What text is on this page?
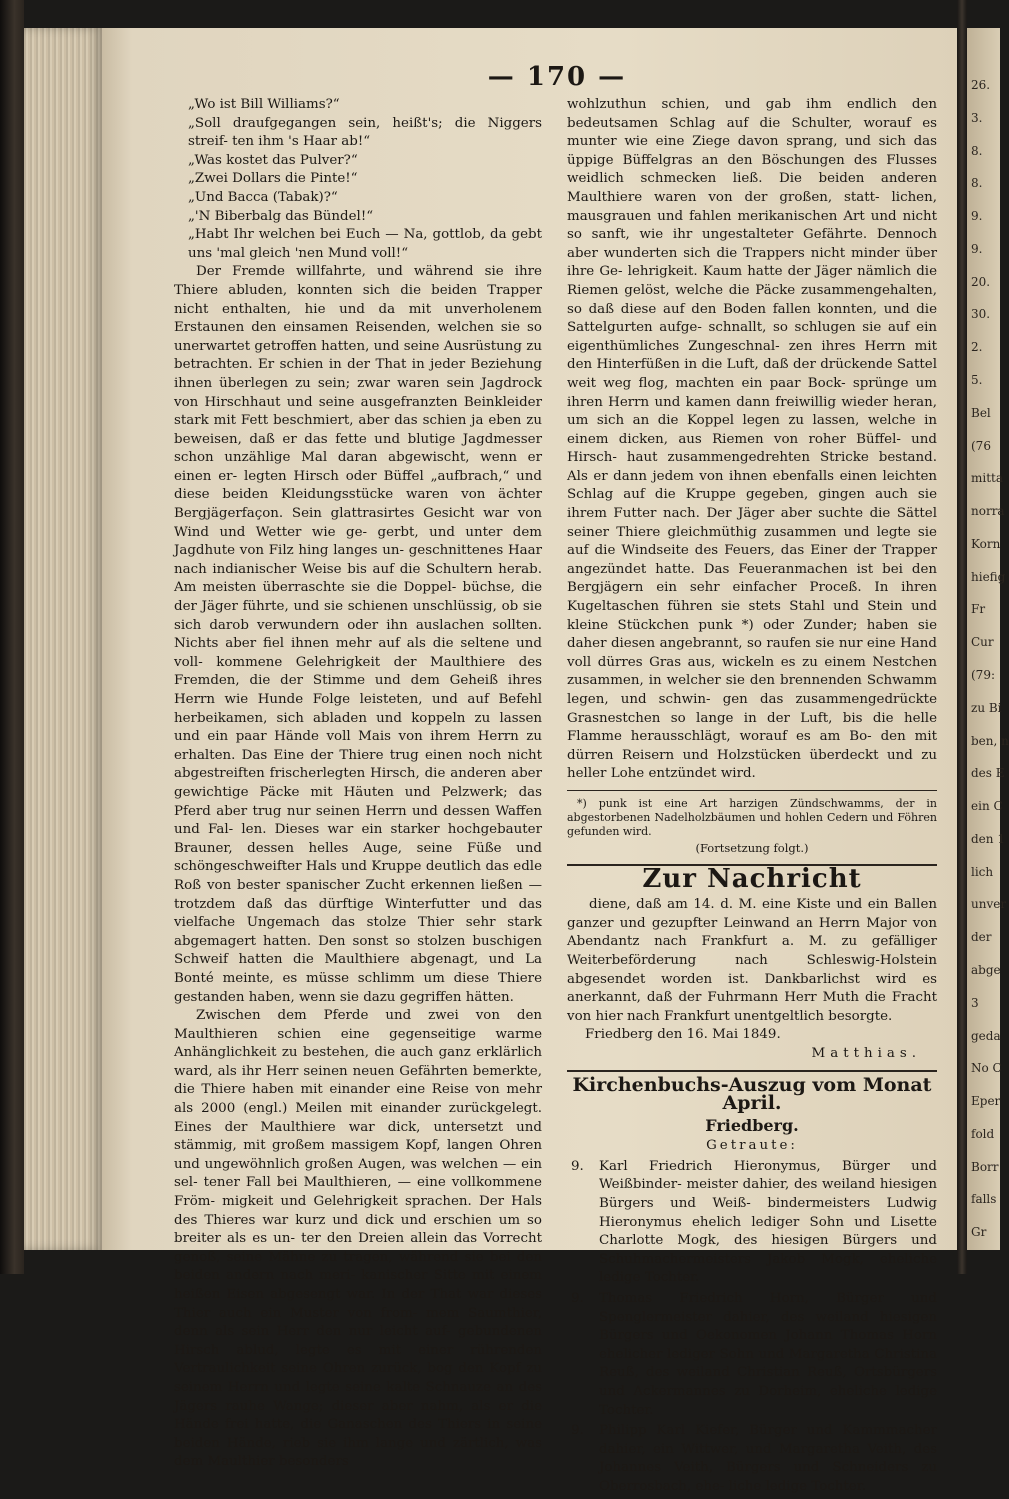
— 170 —

„Wo ist Bill Williams?“

„Soll draufgegangen sein, heißt's; die Niggers streif- ten ihm 's Haar ab!“

„Was kostet das Pulver?“

„Zwei Dollars die Pinte!“

„Und Bacca (Tabak)?“

„'N Biberbalg das Bündel!“

„Habt Ihr welchen bei Euch — Na, gottlob, da gebt uns 'mal gleich 'nen Mund voll!“

Der Fremde willfahrte, und während sie ihre Thiere abluden, konnten sich die beiden Trapper nicht enthalten, hie und da mit unverholenem Erstaunen den einsamen Reisenden, welchen sie so unerwartet getroffen hatten, und seine Ausrüstung zu betrachten. Er schien in der That in jeder Beziehung ihnen überlegen zu sein; zwar waren sein Jagdrock von Hirschhaut und seine ausgefranzten Beinkleider stark mit Fett beschmiert, aber das schien ja eben zu beweisen, daß er das fette und blutige Jagdmesser schon unzählige Mal daran abgewischt, wenn er einen er- legten Hirsch oder Büffel „aufbrach,“ und diese beiden Kleidungsstücke waren von ächter Bergjägerfaçon. Sein glattrasirtes Gesicht war von Wind und Wetter wie ge- gerbt, und unter dem Jagdhute von Filz hing langes un- geschnittenes Haar nach indianischer Weise bis auf die Schultern herab. Am meisten überraschte sie die Doppel- büchse, die der Jäger führte, und sie schienen unschlüssig, ob sie sich darob verwundern oder ihn auslachen sollten. Nichts aber fiel ihnen mehr auf als die seltene und voll- kommene Gelehrigkeit der Maulthiere des Fremden, die der Stimme und dem Geheiß ihres Herrn wie Hunde Folge leisteten, und auf Befehl herbeikamen, sich abladen und koppeln zu lassen und ein paar Hände voll Mais von ihrem Herrn zu erhalten. Das Eine der Thiere trug einen noch nicht abgestreiften frischerlegten Hirsch, die anderen aber gewichtige Päcke mit Häuten und Pelzwerk; das Pferd aber trug nur seinen Herrn und dessen Waffen und Fal- len. Dieses war ein starker hochgebauter Brauner, dessen helles Auge, seine Füße und schöngeschweifter Hals und Kruppe deutlich das edle Roß von bester spanischer Zucht erkennen ließen — trotzdem daß das dürftige Winterfutter und das vielfache Ungemach das stolze Thier sehr stark abgemagert hatten. Den sonst so stolzen buschigen Schweif hatten die Maulthiere abgenagt, und La Bonté meinte, es müsse schlimm um diese Thiere gestanden haben, wenn sie dazu gegriffen hätten.

Zwischen dem Pferde und zwei von den Maulthieren schien eine gegenseitige warme Anhänglichkeit zu bestehen, die auch ganz erklärlich ward, als ihr Herr seinen neuen Gefährten bemerkte, die Thiere haben mit einander eine Reise von mehr als 2000 (engl.) Meilen mit einander zurückgelegt. Eines der Maulthiere war dick, untersetzt und stämmig, mit großem massigem Kopf, langen Ohren und ungewöhnlich großen Augen, was welchen — ein sel- tener Fall bei Maulthieren, — eine vollkommene Fröm- migkeit und Gelehrigkeit sprachen. Der Hals des Thieres war kurz und dick und erschien um so breiter als es un- ter den Dreien allein das Vorrecht genoß, seine Mähne zu tragen, während sie bei den beiden andern nach meri- kanischer Sitte mit einem heißen Eisen abgesengt war. In der That war dieses Thier auch ein Muster von from- mem Saumthier, denn als sein Herr den nur leicht auf- gebundenen Hirsch ablud, legte es mit einer rührenden Vertraulichkeit seine Ohren zurück, bog den Kopf zu seinem Herrn und legte seine kalte Schnauze an des Jägers rauhe Wange; dieser aber nahm, als er die Hände frei hatte, die Ganaschen des Thiers in seine beiden Hände, rieb sie ihm lange und zärtlich, was dem Maulthier besonders

wohlzuthun schien, und gab ihm endlich den bedeutsamen Schlag auf die Schulter, worauf es munter wie eine Ziege davon sprang, und sich das üppige Büffelgras an den Böschungen des Flusses weidlich schmecken ließ. Die beiden anderen Maulthiere waren von der großen, statt- lichen, mausgrauen und fahlen merikanischen Art und nicht so sanft, wie ihr ungestalteter Gefährte. Dennoch aber wunderten sich die Trappers nicht minder über ihre Ge- lehrigkeit. Kaum hatte der Jäger nämlich die Riemen gelöst, welche die Päcke zusammengehalten, so daß diese auf den Boden fallen konnten, und die Sattelgurten aufge- schnallt, so schlugen sie auf ein eigenthümliches Zungeschnal- zen ihres Herrn mit den Hinterfüßen in die Luft, daß der drückende Sattel weit weg flog, machten ein paar Bock- sprünge um ihren Herrn und kamen dann freiwillig wieder heran, um sich an die Koppel legen zu lassen, welche in einem dicken, aus Riemen von roher Büffel- und Hirsch- haut zusammengedrehten Stricke bestand. Als er dann jedem von ihnen ebenfalls einen leichten Schlag auf die Kruppe gegeben, gingen auch sie ihrem Futter nach. Der Jäger aber suchte die Sättel seiner Thiere gleichmüthig zusammen und legte sie auf die Windseite des Feuers, das Einer der Trapper angezündet hatte. Das Feueranmachen ist bei den Bergjägern ein sehr einfacher Proceß. In ihren Kugeltaschen führen sie stets Stahl und Stein und kleine Stückchen punk *) oder Zunder; haben sie daher diesen angebrannt, so raufen sie nur eine Hand voll dürres Gras aus, wickeln es zu einem Nestchen zusammen, in welcher sie den brennenden Schwamm legen, und schwin- gen das zusammengedrückte Grasnestchen so lange in der Luft, bis die helle Flamme herausschlägt, worauf es am Bo- den mit dürren Reisern und Holzstücken überdeckt und zu heller Lohe entzündet wird.

*) punk ist eine Art harzigen Zündschwamms, der in abgestorbenen Nadelholzbäumen und hohlen Cedern und Föhren gefunden wird.

(Fortsetzung folgt.)

Zur Nachricht

diene, daß am 14. d. M. eine Kiste und ein Ballen ganzer und gezupfter Leinwand an Herrn Major von Abendantz nach Frankfurt a. M. zu gefälliger Weiterbeförderung nach Schleswig-Holstein abgesendet worden ist. Dankbarlichst wird es anerkannt, daß der Fuhrmann Herr Muth die Fracht von hier nach Frankfurt unentgeltlich besorgte.

Friedberg den 16. Mai 1849.

Matthias.

Kirchenbuchs-Auszug vom Monat April.
Friedberg.
Getraute:
9.	Karl Friedrich Hieronymus, Bürger und Weißbinder- meister dahier, des weiland hiesigen Bürgers und Weiß- bindermeisters Ludwig Hieronymus ehelich lediger Sohn und Lisette Charlotte Mogk, des hiesigen Bürgers und Schuhmachermeisters Jakob Mogk, eheliche ledige Tochter.
9.	Thomas Friedrich Horn, Bürger und Spenglermeister dahier, des weiland hiesigen Bürgers und Oekonomen Johann Thomas Horn ehelicher lediger Sohn und Margaretha Christina Reuß, des weiland Christian Reuß, Ortsbürgers und Ackermannes zu Dorheim, eheliche ledige Tochter.
9.	Philipp Karl Kiefer, Bürger und Kammmacher dahier, ein Wittwer, und Margaretha Veith, des Johannes Veith, Bürgers und Schneiders zu Oberrosbach, ehe- liche ledige Tochter.
26.
3.
8.
8.
9.
9.
20.
30.
2.
5.
Bel
(76
mitta
norra
Korn
hiefig
Fr
Cur
(79:
zu Bi
ben, n
des E
ein C
den 1
lich
unver
der
abge
3
geda
No C
Eper
fold
Borr
falls
Gr
